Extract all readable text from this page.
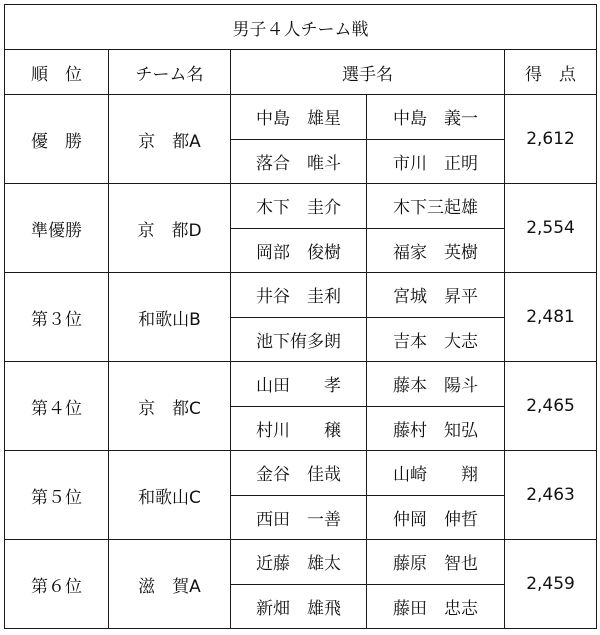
男子４人チーム戦				
順　位	チーム名	選手名		得　点
優　勝	京　都A	中島　雄星	中島　義一	2,612
		落合　唯斗	市川　正明	
準優勝	京　都D	木下　圭介	木下三起雄	2,554
		岡部　俊樹	福家　英樹	
第３位	和歌山B	井谷　圭利	宮城　昇平	2,481
		池下侑多朗	吉本　大志	
第４位	京　都C	山田　　孝	藤本　陽斗	2,465
		村川　　穣	藤村　知弘	
第５位	和歌山C	金谷　佳哉	山崎　　翔	2,463
		西田　一善	仲岡　伸哲	
第６位	滋　賀A	近藤　雄太	藤原　智也	2,459
		新畑　雄飛	藤田　忠志	
